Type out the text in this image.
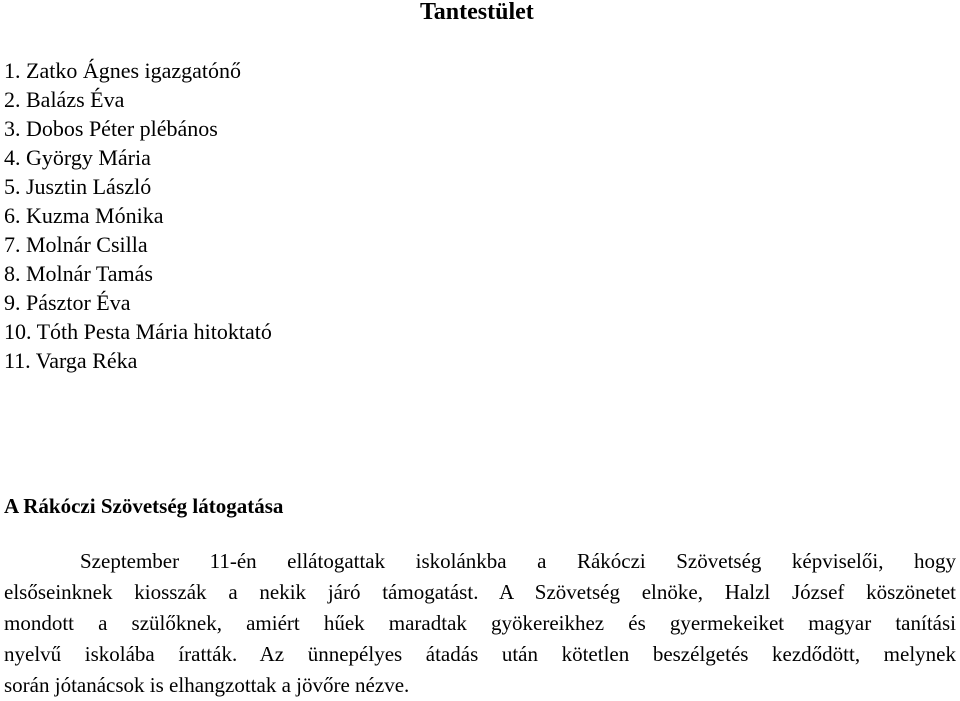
Tantestület
1. Zatko Ágnes igazgatónő
2. Balázs Éva
3. Dobos Péter plébános
4. György Mária
5. Jusztin László
6. Kuzma Mónika
7. Molnár Csilla
8. Molnár Tamás
9. Pásztor Éva
10. Tóth Pesta Mária hitoktató
11. Varga Réka
A Rákóczi Szövetség látogatása
Szeptember 11-én ellátogattak iskolánkba a Rákóczi Szövetség képviselői, hogy
elsőseinknek kiosszák a nekik járó támogatást. A Szövetség elnöke, Halzl József köszönetet
mondott a szülőknek, amiért hűek maradtak gyökereikhez és gyermekeiket magyar tanítási
nyelvű iskolába íratták. Az ünnepélyes átadás után kötetlen beszélgetés kezdődött, melynek
során jótanácsok is elhangzottak a jövőre nézve.
